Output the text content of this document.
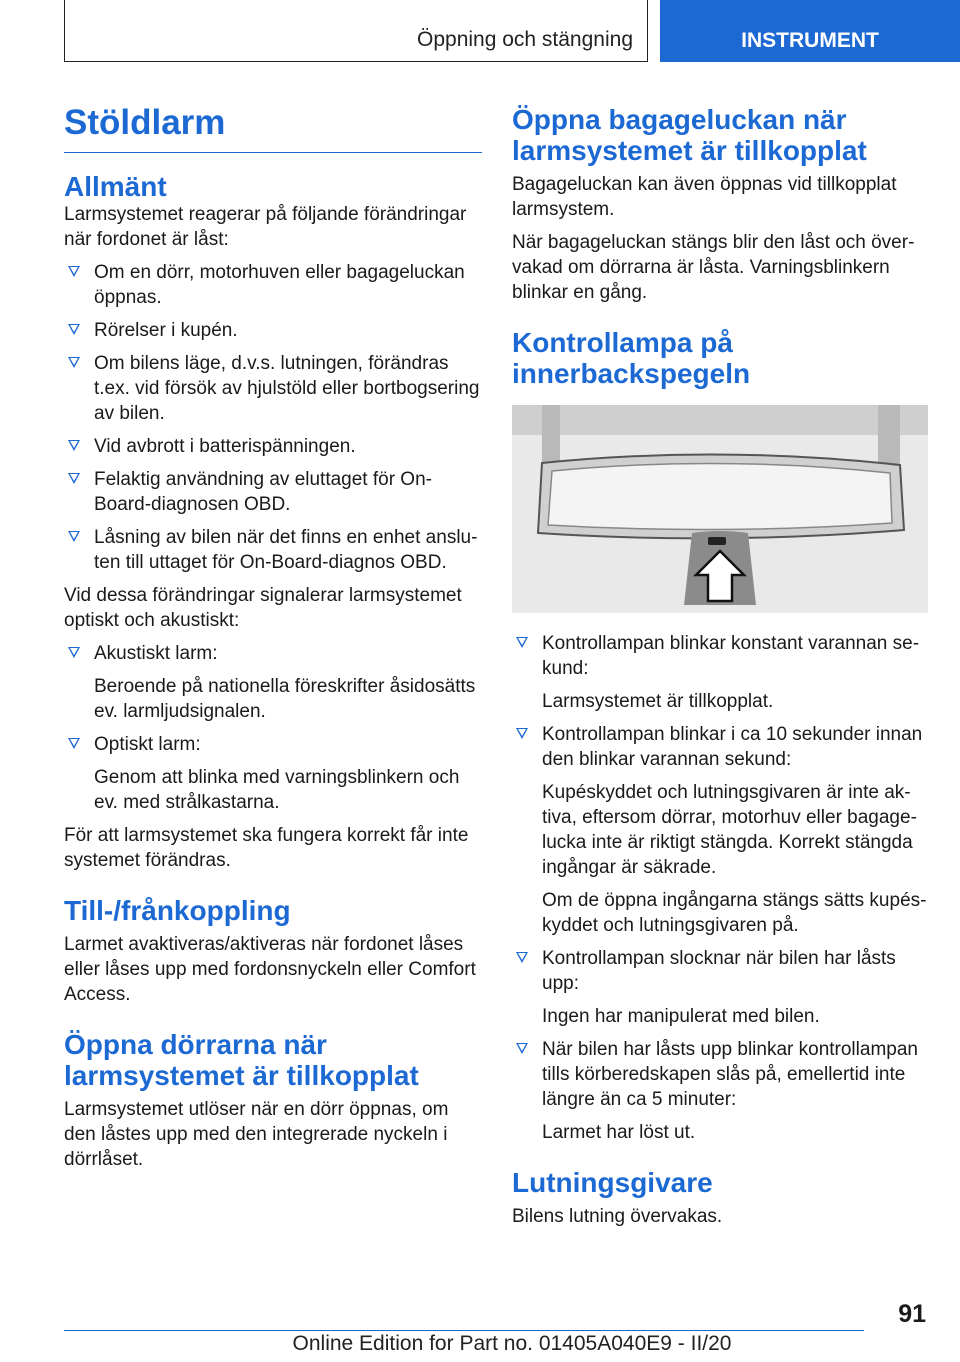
Öppning och stängning	INSTRUMENT
Stöldlarm
Allmänt

Larmsystemet reagerar på följande förändringar när fordonet är låst:

Om en dörr, motorhuven eller bagageluckan öppnas.
Rörelser i kupén.
Om bilens läge, d.v.s. lutningen, förändras t.ex. vid försök av hjulstöld eller bortbogsering av bilen.
Vid avbrott i batterispänningen.
Felaktig användning av eluttaget för On-Board-diagnosen OBD.
Låsning av bilen när det finns en enhet ansluten till uttaget för On-Board-diagnos OBD.

Vid dessa förändringar signalerar larmsystemet optiskt och akustiskt:

Akustiskt larm:
Beroende på nationella föreskrifter åsidosätts ev. larmljudsignalen.
Optiskt larm:
Genom att blinka med varningsblinkern och ev. med strålkastarna.

För att larmsystemet ska fungera korrekt får inte systemet förändras.

Till-/frånkoppling

Larmet avaktiveras/aktiveras när fordonet låses eller låses upp med fordonsnyckeln eller Comfort Access.

Öppna dörrarna när larmsystemet är tillkopplat

Larmsystemet utlöser när en dörr öppnas, om den låstes upp med den integrerade nyckeln i dörrlåset.

Öppna bagageluckan när larmsystemet är tillkopplat

Bagageluckan kan även öppnas vid tillkopplat larmsystem.

När bagageluckan stängs blir den låst och övervakad om dörrarna är låsta. Varningsblinkern blinkar en gång.

Kontrollampa på innerbackspegeln
Kontrollampan blinkar konstant varannan sekund:
Larmsystemet är tillkopplat.
Kontrollampan blinkar i ca 10 sekunder innan den blinkar varannan sekund:
Kupéskyddet och lutningsgivaren är inte aktiva, eftersom dörrar, motorhuv eller bagagelucka inte är riktigt stängda. Korrekt stängda ingångar är säkrade.
Om de öppna ingångarna stängs sätts kupéskyddet och lutningsgivaren på.
Kontrollampan slocknar när bilen har låsts upp:
Ingen har manipulerat med bilen.
När bilen har låsts upp blinkar kontrollampan tills körberedskapen slås på, emellertid inte längre än ca 5 minuter:
Larmet har löst ut.
Lutningsgivare

Bilens lutning övervakas.

91
Online Edition for Part no. 01405A040E9 - II/20
